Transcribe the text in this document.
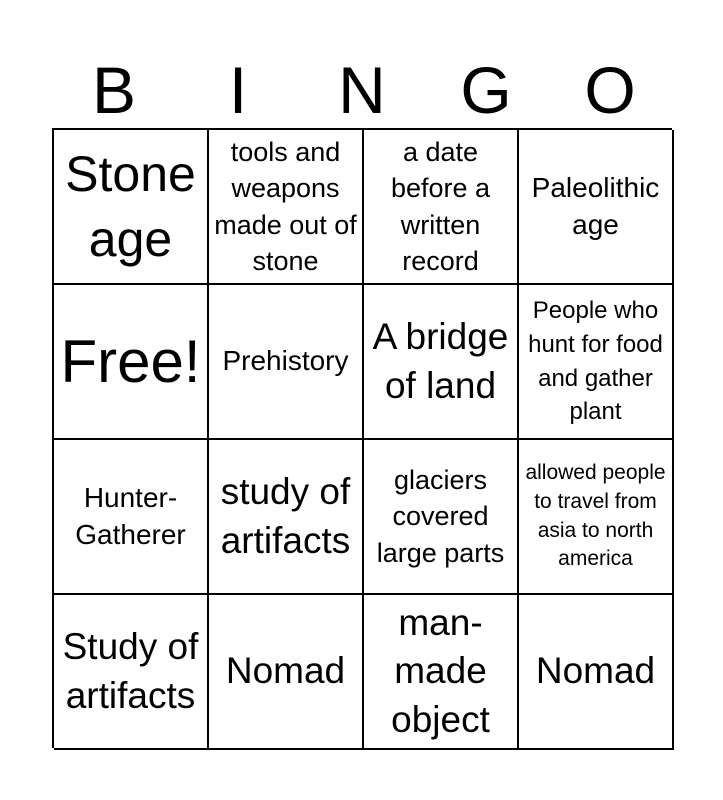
B	I	N	G	O
Stone age
tools and weapons made out of stone
a date before a written record
Paleolithic age
Free! Prehistory
A bridge of land
People who hunt for food and gather plant
Hunter-Gatherer
study of artifacts
glaciers covered large parts
allowed people to travel from asia to north america
Study of artifacts
Nomad
man-made object
Nomad
